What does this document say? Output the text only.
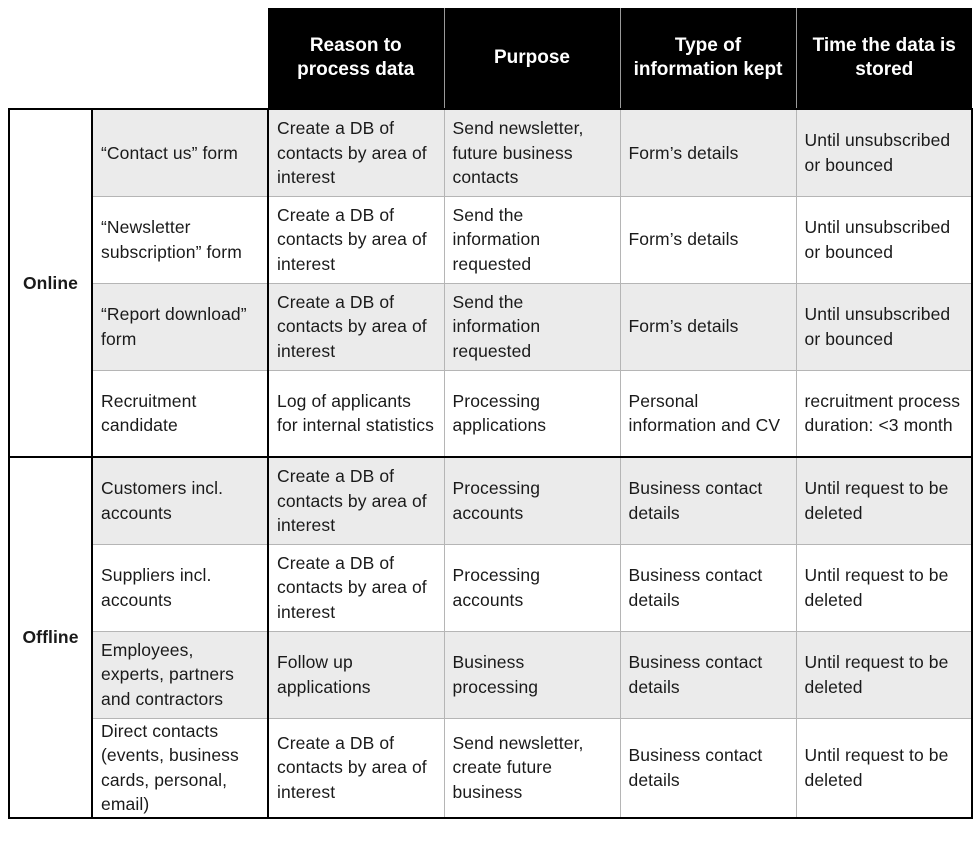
		Reason to process data	Purpose	Type of information kept	Time the data is stored
Online	“Contact us” form	Create a DB of contacts by area of interest	Send newsletter, future business contacts	Form’s details	Until unsubscribed or bounced
	“Newsletter subscription” form	Create a DB of contacts by area of interest	Send the information requested	Form’s details	Until unsubscribed or bounced
	“Report download” form	Create a DB of contacts by area of interest	Send the information requested	Form’s details	Until unsubscribed or bounced
	Recruitment candidate	Log of applicants for internal statistics	Processing applications	Personal information and CV	recruitment process duration: <3 month
Offline	Customers incl. accounts	Create a DB of contacts by area of interest	Processing accounts	Business contact details	Until request to be deleted
	Suppliers incl. accounts	Create a DB of contacts by area of interest	Processing accounts	Business contact details	Until request to be deleted
	Employees, experts, partners and contractors	Follow up applications	Business processing	Business contact details	Until request to be deleted
	Direct contacts (events, business cards, personal, email)	Create a DB of contacts by area of interest	Send newsletter, create future business	Business contact details	Until request to be deleted
